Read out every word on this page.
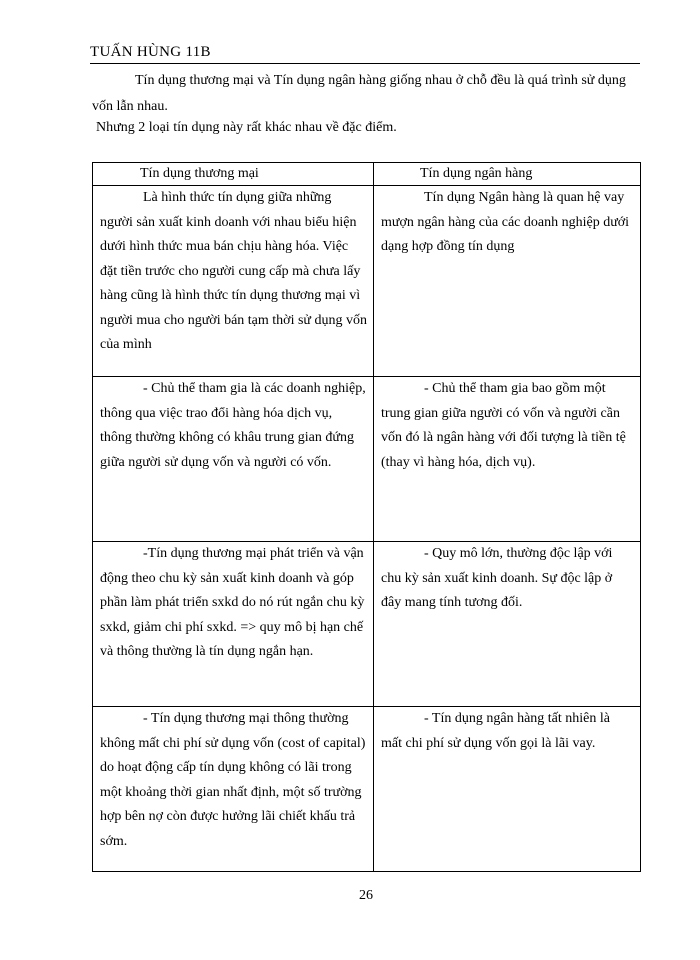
TUẤN HÙNG 11B
Tín dụng thương mại và Tín dụng ngân hàng giống nhau ở chỗ đều là quá trình sử dụng vốn lẫn nhau.
Nhưng 2 loại tín dụng này rất khác nhau về đặc điểm.
Tín dụng thương mại	Tín dụng ngân hàng

Là hình thức tín dụng giữa những người sản xuất kinh doanh với nhau biểu hiện dưới hình thức mua bán chịu hàng hóa. Việc đặt tiền trước cho người cung cấp mà chưa lấy hàng cũng là hình thức tín dụng thương mại vì người mua cho người bán tạm thời sử dụng vốn của mình	Tín dụng Ngân hàng là quan hệ vay mượn ngân hàng của các doanh nghiệp dưới dạng hợp đồng tín dụng

- Chủ thể tham gia là các doanh nghiệp, thông qua việc trao đổi hàng hóa dịch vụ, thông thường không có khâu trung gian đứng giữa người sử dụng vốn và người có vốn.	- Chủ thể tham gia bao gồm một trung gian giữa người có vốn và người cần vốn đó là ngân hàng với đối tượng là tiền tệ (thay vì hàng hóa, dịch vụ).

-Tín dụng thương mại phát triển và vận động theo chu kỳ sản xuất kinh doanh và góp phần làm phát triển sxkd do nó rút ngắn chu kỳ sxkd, giảm chi phí sxkd. => quy mô bị hạn chế và thông thường là tín dụng ngắn hạn.	- Quy mô lớn, thường độc lập với chu kỳ sản xuất kinh doanh. Sự độc lập ở đây mang tính tương đối.

- Tín dụng thương mại thông thường không mất chi phí sử dụng vốn (cost of capital) do hoạt động cấp tín dụng không có lãi trong một khoảng thời gian nhất định, một số trường hợp bên nợ còn được hưởng lãi chiết khấu trả sớm.	- Tín dụng ngân hàng tất nhiên là mất chi phí sử dụng vốn gọi là lãi vay.

26
